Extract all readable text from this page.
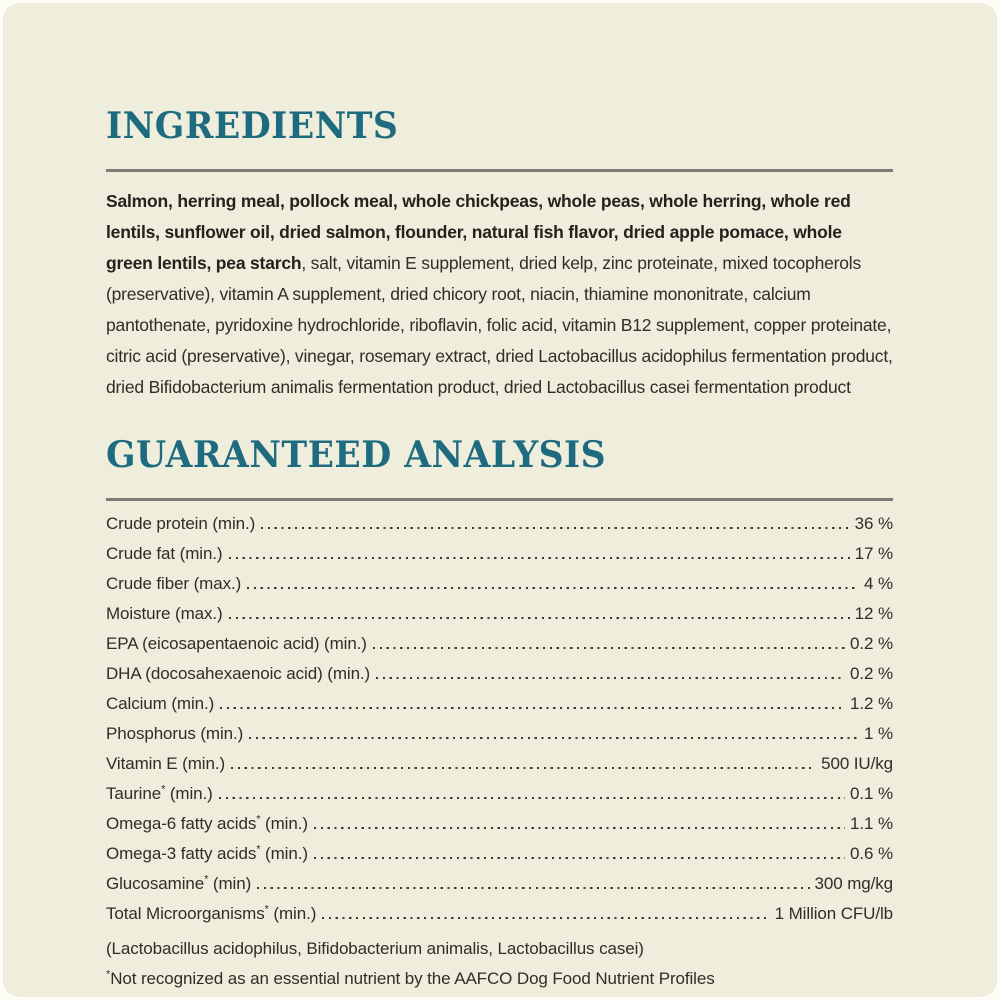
INGREDIENTS

Salmon, herring meal, pollock meal, whole chickpeas, whole peas, whole herring, whole red lentils, sunflower oil, dried salmon, flounder, natural fish flavor, dried apple pomace, whole green lentils, pea starch, salt, vitamin E supplement, dried kelp, zinc proteinate, mixed tocopherols (preservative), vitamin A supplement, dried chicory root, niacin, thiamine mononitrate, calcium pantothenate, pyridoxine hydrochloride, riboflavin, folic acid, vitamin B12 supplement, copper proteinate, citric acid (preservative), vinegar, rosemary extract, dried Lactobacillus acidophilus fermentation product, dried Bifidobacterium animalis fermentation product, dried Lactobacillus casei fermentation product

GUARANTEED ANALYSIS
Crude protein (min.)	36 %
Crude fat (min.)	17 %
Crude fiber (max.)	4 %
Moisture (max.)	12 %
EPA (eicosapentaenoic acid) (min.)	0.2 %
DHA (docosahexaenoic acid) (min.)	0.2 %
Calcium (min.)	1.2 %
Phosphorus (min.)	1 %
Vitamin E (min.)	500 IU/kg
Taurine* (min.)	0.1 %
Omega-6 fatty acids* (min.)	1.1 %
Omega-3 fatty acids* (min.)	0.6 %
Glucosamine* (min)	300 mg/kg
Total Microorganisms* (min.)	1 Million CFU/lb
(Lactobacillus acidophilus, Bifidobacterium animalis, Lactobacillus casei)
*Not recognized as an essential nutrient by the AAFCO Dog Food Nutrient Profiles
